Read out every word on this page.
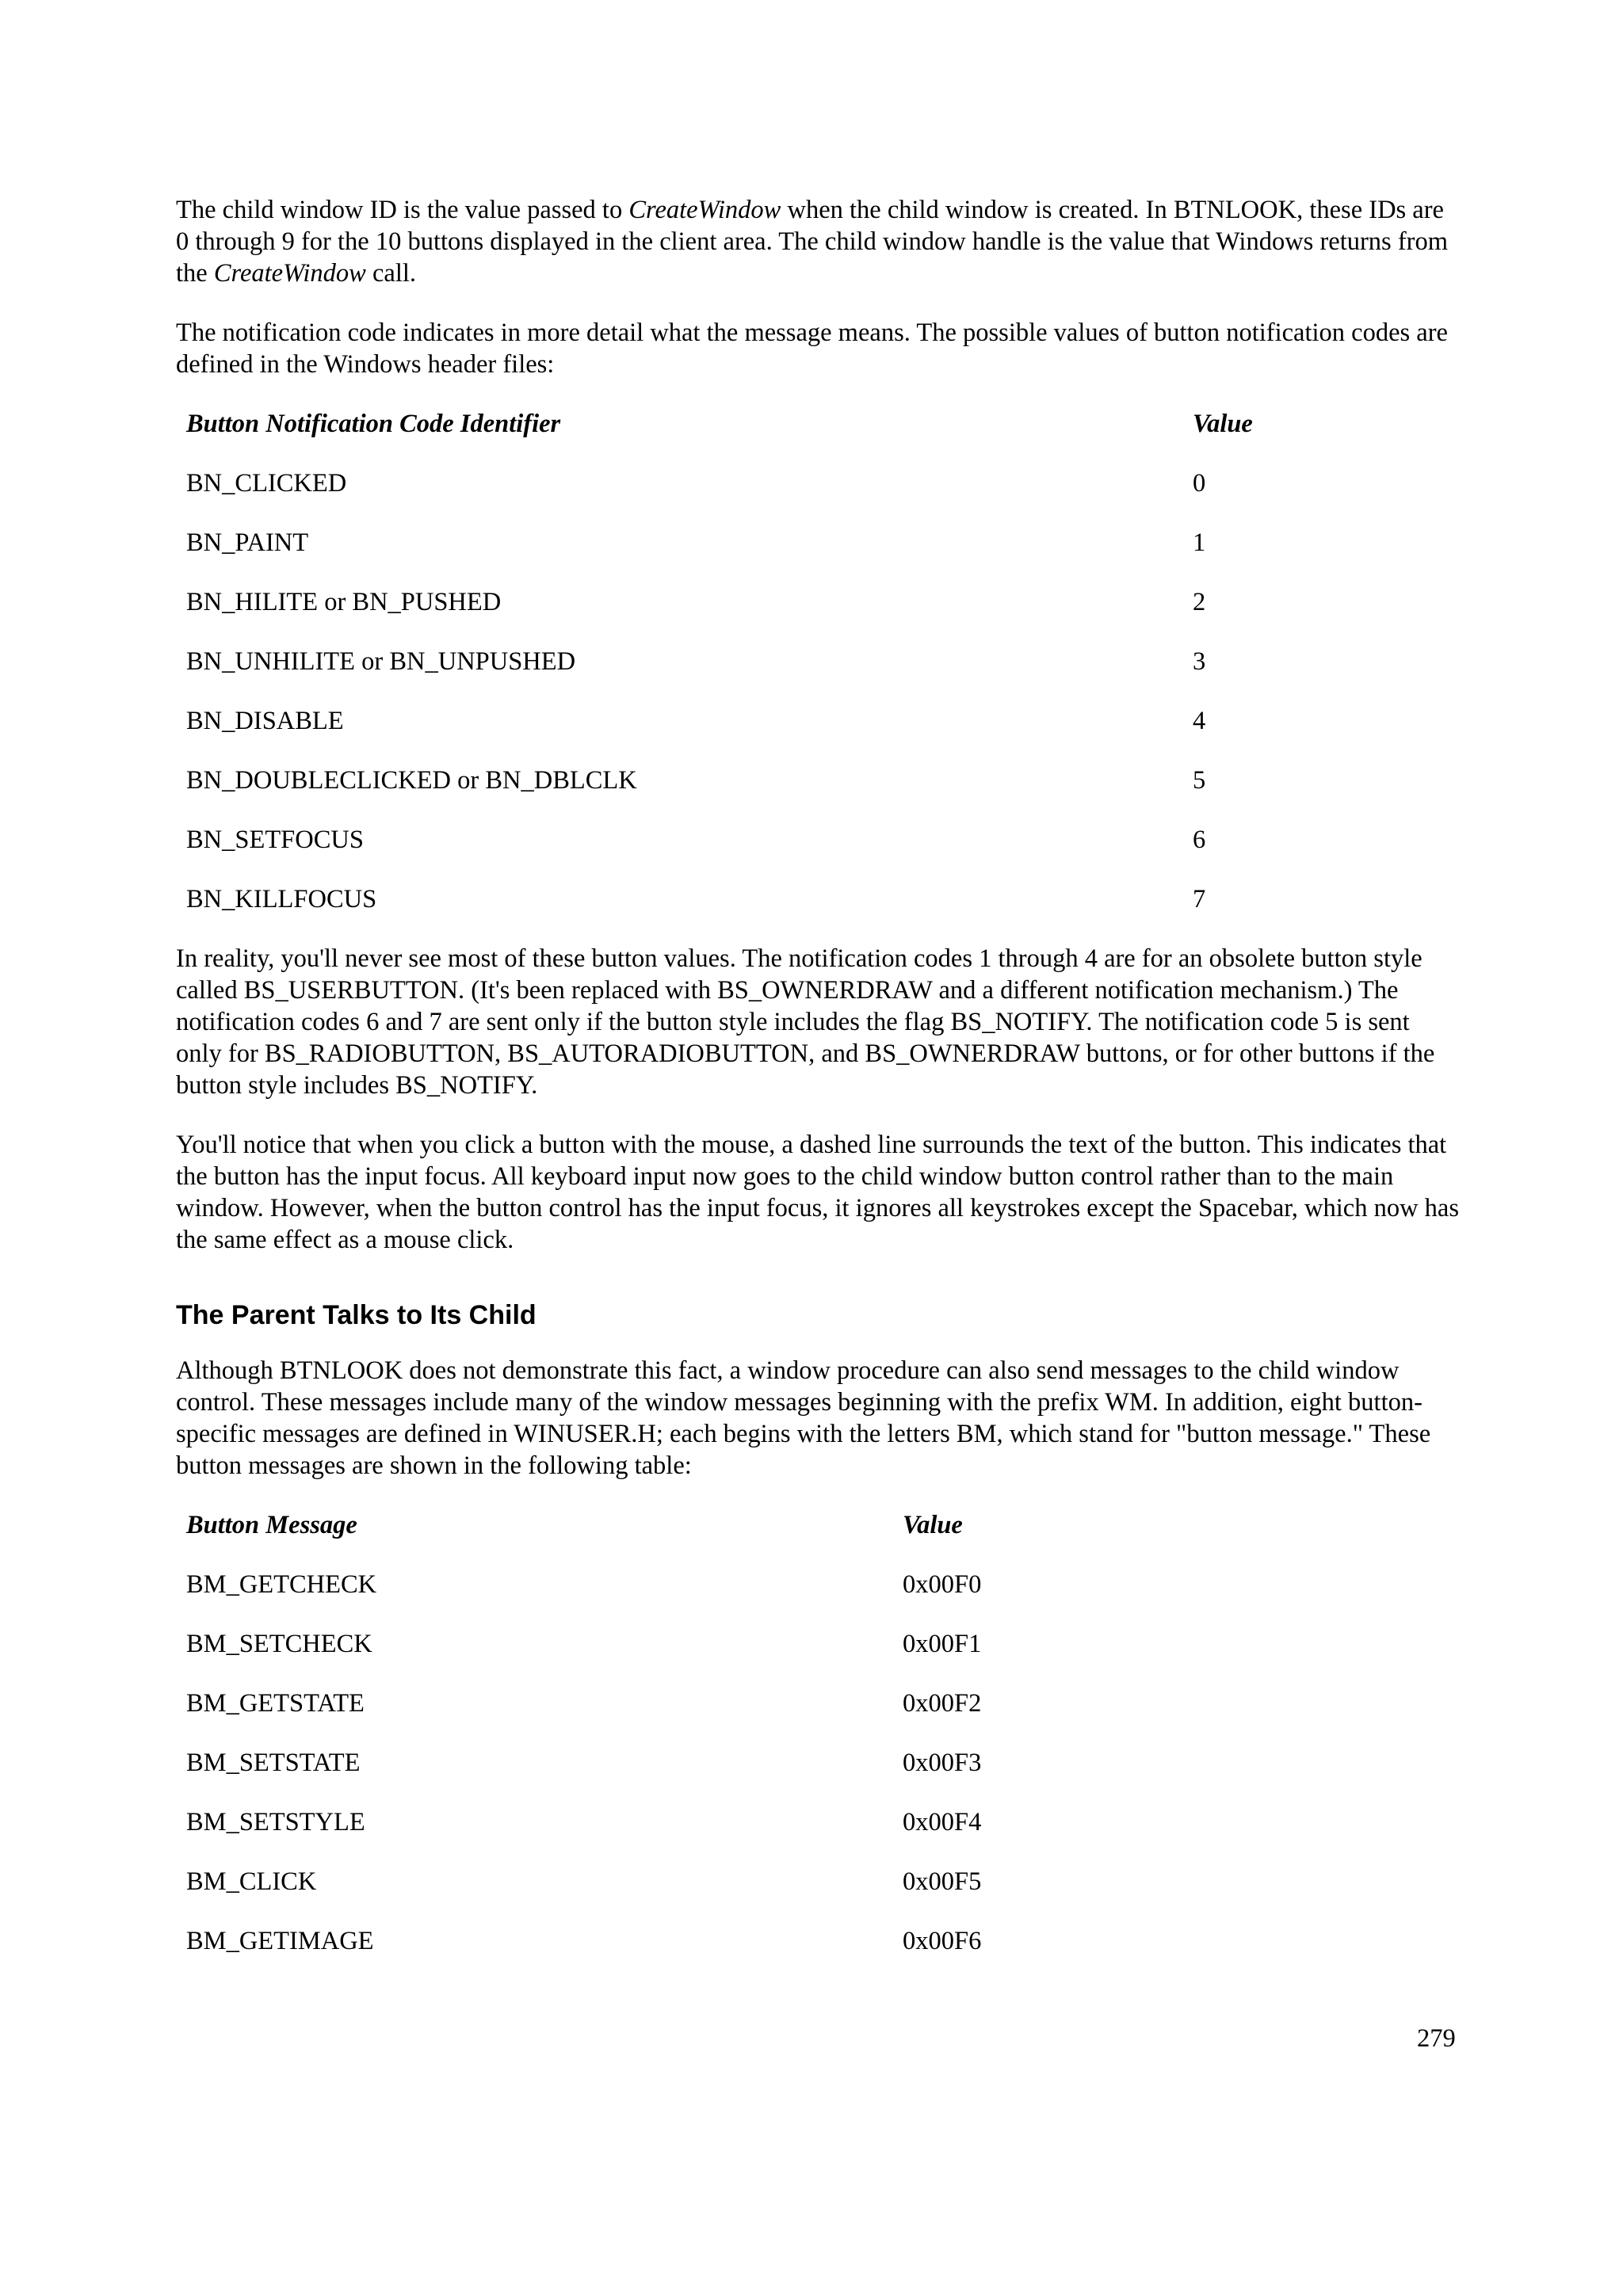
The child window ID is the value passed to CreateWindow when the child window is created. In BTNLOOK, these IDs are 0 through 9 for the 10 buttons displayed in the client area. The child window handle is the value that Windows returns from the CreateWindow call.

The notification code indicates in more detail what the message means. The possible values of button notification codes are defined in the Windows header files:

Button Notification Code Identifier	Value
BN_CLICKED	0
BN_PAINT	1
BN_HILITE or BN_PUSHED	2
BN_UNHILITE or BN_UNPUSHED	3
BN_DISABLE	4
BN_DOUBLECLICKED or BN_DBLCLK	5
BN_SETFOCUS	6
BN_KILLFOCUS	7

In reality, you'll never see most of these button values. The notification codes 1 through 4 are for an obsolete button style called BS_USERBUTTON. (It's been replaced with BS_OWNERDRAW and a different notification mechanism.) The notification codes 6 and 7 are sent only if the button style includes the flag BS_NOTIFY. The notification code 5 is sent only for BS_RADIOBUTTON, BS_AUTORADIOBUTTON, and BS_OWNERDRAW buttons, or for other buttons if the button style includes BS_NOTIFY.

You'll notice that when you click a button with the mouse, a dashed line surrounds the text of the button. This indicates that the button has the input focus. All keyboard input now goes to the child window button control rather than to the main window. However, when the button control has the input focus, it ignores all keystrokes except the Spacebar, which now has the same effect as a mouse click.

The Parent Talks to Its Child

Although BTNLOOK does not demonstrate this fact, a window procedure can also send messages to the child window control. These messages include many of the window messages beginning with the prefix WM. In addition, eight button-specific messages are defined in WINUSER.H; each begins with the letters BM, which stand for "button message." These button messages are shown in the following table:

Button Message	Value
BM_GETCHECK	0x00F0
BM_SETCHECK	0x00F1
BM_GETSTATE	0x00F2
BM_SETSTATE	0x00F3
BM_SETSTYLE	0x00F4
BM_CLICK	0x00F5
BM_GETIMAGE	0x00F6
279
